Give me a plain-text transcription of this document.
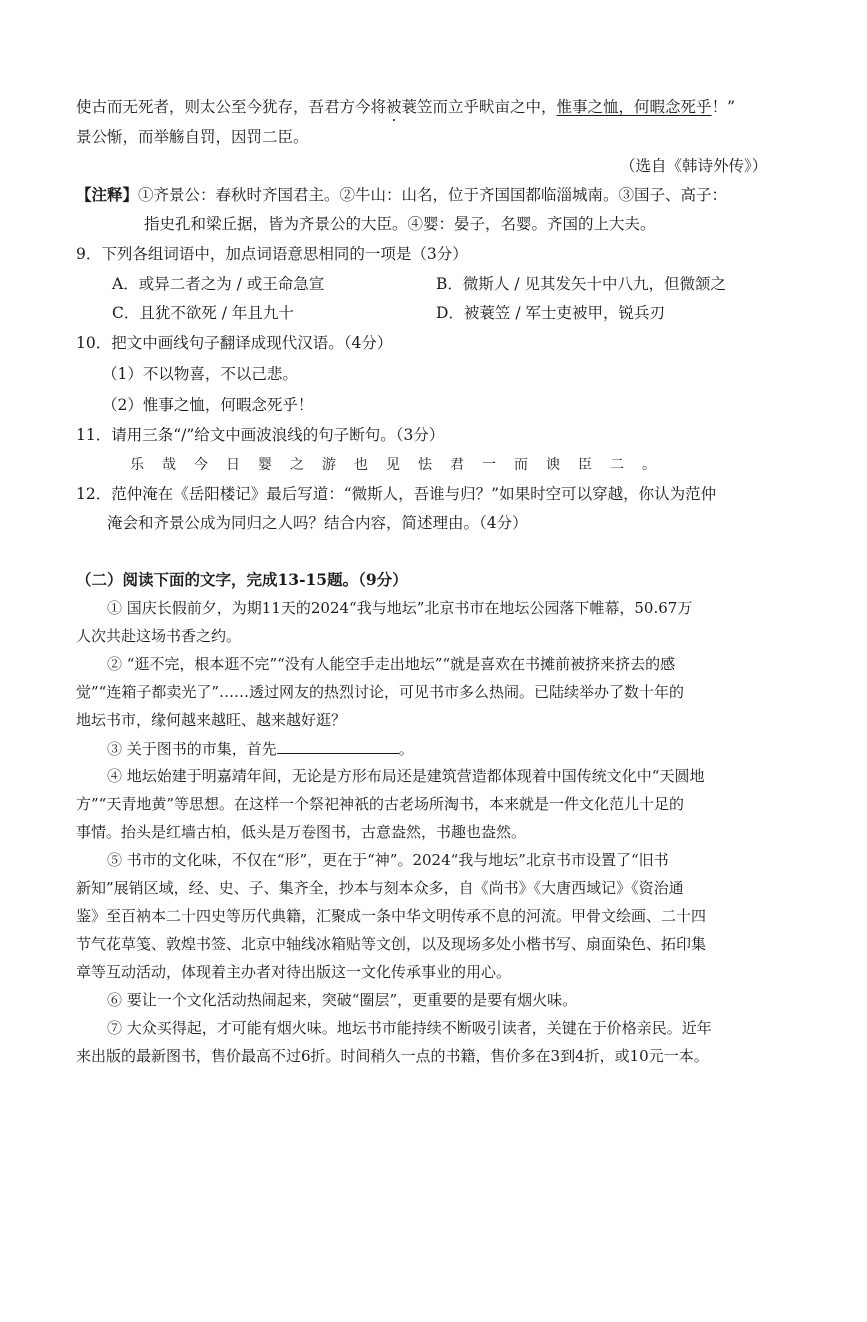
使古而无死者，则太公至今犹存，吾君方今将被蓑笠而立乎畎亩之中，惟事之恤，何暇念死乎！”
景公惭，而举觞自罚，因罚二臣。
（选自《韩诗外传》）
【注释】①齐景公：春秋时齐国君主。②牛山：山名，位于齐国国都临淄城南。③国子、高子：
指史孔和梁丘据，皆为齐景公的大臣。④婴：晏子，名婴。齐国的上大夫。
9．下列各组词语中，加点词语意思相同的一项是（3分）
A．或异二者之为 / 或王命急宣	B．微斯人 / 见其发矢十中八九，但微颔之
C．且犹不欲死 / 年且九十	D．被蓑笠 / 军士吏被甲，锐兵刃
10．把文中画线句子翻译成现代汉语。（4分）
（1）不以物喜，不以己悲。
（2）惟事之恤，何暇念死乎！
11．请用三条“/”给文中画波浪线的句子断句。（3分）
乐哉今日婴之游也见怯君一而谀臣二。
12．范仲淹在《岳阳楼记》最后写道：“微斯人，吾谁与归？”如果时空可以穿越，你认为范仲
淹会和齐景公成为同归之人吗？结合内容，简述理由。（4分）
（二）阅读下面的文字，完成13-15题。（9分）
① 国庆长假前夕，为期11天的2024“我与地坛”北京书市在地坛公园落下帷幕，50.67万
人次共赴这场书香之约。
② “逛不完，根本逛不完”“没有人能空手走出地坛”“就是喜欢在书摊前被挤来挤去的感
觉”“连箱子都卖光了”……透过网友的热烈讨论，可见书市多么热闹。已陆续举办了数十年的
地坛书市，缘何越来越旺、越来越好逛？
③ 关于图书的市集，首先	。
④ 地坛始建于明嘉靖年间，无论是方形布局还是建筑营造都体现着中国传统文化中“天圆地
方”“天青地黄”等思想。在这样一个祭祀神祇的古老场所淘书，本来就是一件文化范儿十足的
事情。抬头是红墙古柏，低头是万卷图书，古意盎然，书趣也盎然。
⑤ 书市的文化味，不仅在“形”，更在于“神”。2024“我与地坛”北京书市设置了“旧书
新知”展销区域，经、史、子、集齐全，抄本与刻本众多，自《尚书》《大唐西域记》《资治通
鉴》至百衲本二十四史等历代典籍，汇聚成一条中华文明传承不息的河流。甲骨文绘画、二十四
节气花草笺、敦煌书签、北京中轴线冰箱贴等文创，以及现场多处小楷书写、扇面染色、拓印集
章等互动活动，体现着主办者对待出版这一文化传承事业的用心。
⑥ 要让一个文化活动热闹起来，突破“圈层”，更重要的是要有烟火味。
⑦ 大众买得起，才可能有烟火味。地坛书市能持续不断吸引读者，关键在于价格亲民。近年
来出版的最新图书，售价最高不过6折。时间稍久一点的书籍，售价多在3到4折，或10元一本。
